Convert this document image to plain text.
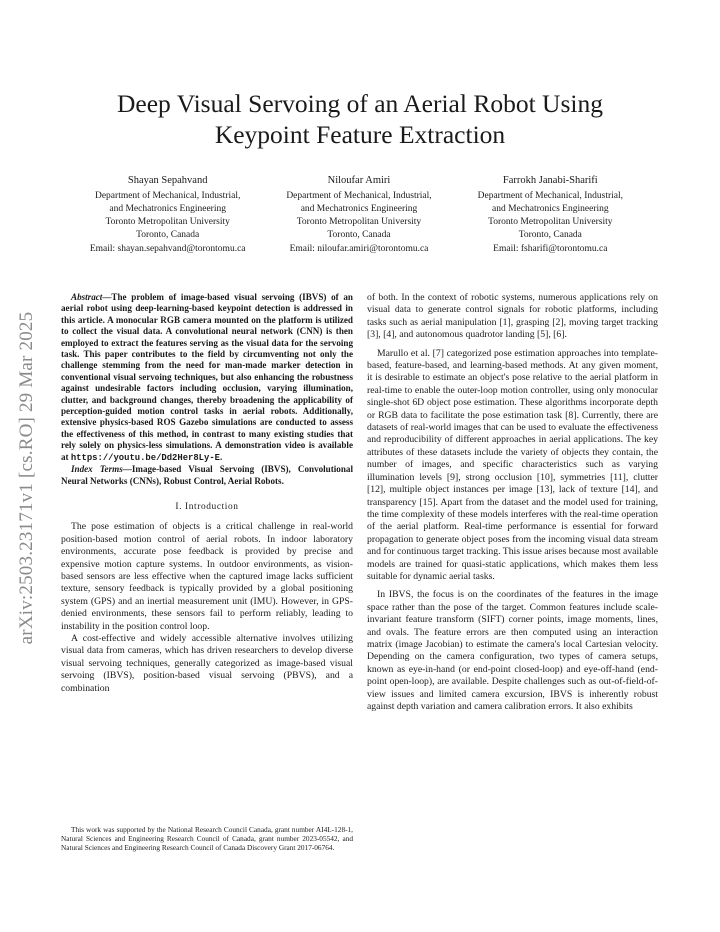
arXiv:2503.23171v1 [cs.RO] 29 Mar 2025
Deep Visual Servoing of an Aerial Robot Using
Keypoint Feature Extraction
Shayan Sepahvand
Department of Mechanical, Industrial,
and Mechatronics Engineering
Toronto Metropolitan University
Toronto, Canada
Email: shayan.sepahvand@torontomu.ca
Niloufar Amiri
Department of Mechanical, Industrial,
and Mechatronics Engineering
Toronto Metropolitan University
Toronto, Canada
Email: niloufar.amiri@torontomu.ca
Farrokh Janabi-Sharifi
Department of Mechanical, Industrial,
and Mechatronics Engineering
Toronto Metropolitan University
Toronto, Canada
Email: fsharifi@torontomu.ca

Abstract—The problem of image-based visual servoing (IBVS) of an aerial robot using deep-learning-based keypoint detection is addressed in this article. A monocular RGB camera mounted on the platform is utilized to collect the visual data. A convolutional neural network (CNN) is then employed to extract the features serving as the visual data for the servoing task. This paper contributes to the field by circumventing not only the challenge stemming from the need for man-made marker detection in conventional visual servoing techniques, but also enhancing the robustness against undesirable factors including occlusion, varying illumination, clutter, and background changes, thereby broadening the applicability of perception-guided motion control tasks in aerial robots. Additionally, extensive physics-based ROS Gazebo simulations are conducted to assess the effectiveness of this method, in contrast to many existing studies that rely solely on physics-less simulations. A demonstration video is available at https://youtu.be/Dd2Her8Ly-E.

Index Terms—Image-based Visual Servoing (IBVS), Convolutional Neural Networks (CNNs), Robust Control, Aerial Robots.

I. Introduction

The pose estimation of objects is a critical challenge in real-world position-based motion control of aerial robots. In indoor laboratory environments, accurate pose feedback is provided by precise and expensive motion capture systems. In outdoor environments, as vision-based sensors are less effective when the captured image lacks sufficient texture, sensory feedback is typically provided by a global positioning system (GPS) and an inertial measurement unit (IMU). However, in GPS-denied environments, these sensors fail to perform reliably, leading to instability in the position control loop.

A cost-effective and widely accessible alternative involves utilizing visual data from cameras, which has driven researchers to develop diverse visual servoing techniques, generally categorized as image-based visual servoing (IBVS), position-based visual servoing (PBVS), and a combination

This work was supported by the National Research Council Canada, grant number AI4L-128-1, Natural Sciences and Engineering Research Council of Canada, grant number 2023-05542, and Natural Sciences and Engineering Research Council of Canada Discovery Grant 2017-06764.

of both. In the context of robotic systems, numerous applications rely on visual data to generate control signals for robotic platforms, including tasks such as aerial manipulation [1], grasping [2], moving target tracking [3], [4], and autonomous quadrotor landing [5], [6].

Marullo et al. [7] categorized pose estimation approaches into template-based, feature-based, and learning-based methods. At any given moment, it is desirable to estimate an object's pose relative to the aerial platform in real-time to enable the outer-loop motion controller, using only monocular single-shot 6D object pose estimation. These algorithms incorporate depth or RGB data to facilitate the pose estimation task [8]. Currently, there are datasets of real-world images that can be used to evaluate the effectiveness and reproducibility of different approaches in aerial applications. The key attributes of these datasets include the variety of objects they contain, the number of images, and specific characteristics such as varying illumination levels [9], strong occlusion [10], symmetries [11], clutter [12], multiple object instances per image [13], lack of texture [14], and transparency [15]. Apart from the dataset and the model used for training, the time complexity of these models interferes with the real-time operation of the aerial platform. Real-time performance is essential for forward propagation to generate object poses from the incoming visual data stream and for continuous target tracking. This issue arises because most available models are trained for quasi-static applications, which makes them less suitable for dynamic aerial tasks.

In IBVS, the focus is on the coordinates of the features in the image space rather than the pose of the target. Common features include scale-invariant feature transform (SIFT) corner points, image moments, lines, and ovals. The feature errors are then computed using an interaction matrix (image Jacobian) to estimate the camera's local Cartesian velocity. Depending on the camera configuration, two types of camera setups, known as eye-in-hand (or end-point closed-loop) and eye-off-hand (end-point open-loop), are available. Despite challenges such as out-of-field-of-view issues and limited camera excursion, IBVS is inherently robust against depth variation and camera calibration errors. It also exhibits
